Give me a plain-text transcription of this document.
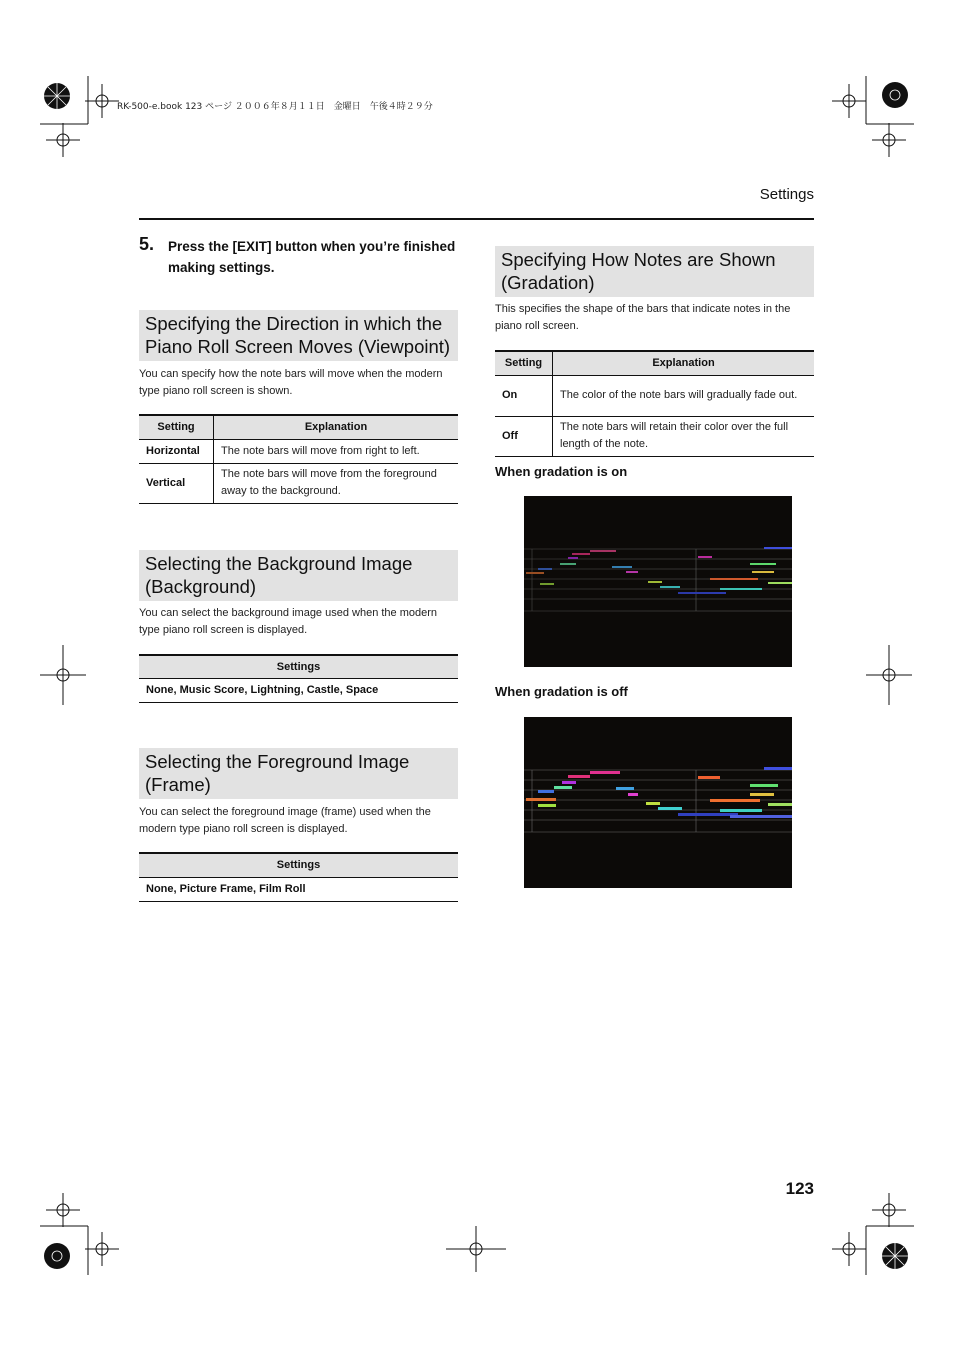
RK-500-e.book 123 ページ ２００６年８月１１日　金曜日　午後４時２９分
Settings
5. Press the [EXIT] button when you’re finished making settings.
Specifying the Direction in which the Piano Roll Screen Moves (Viewpoint)
You can specify how the note bars will move when the modern type piano roll screen is shown.
Setting	Explanation
Horizontal	The note bars will move from right to left.
Vertical	The note bars will move from the foreground away to the background.
Selecting the Background Image (Background)
You can select the background image used when the modern type piano roll screen is displayed.
Settings
None, Music Score, Lightning, Castle, Space
Selecting the Foreground Image (Frame)
You can select the foreground image (frame) used when the modern type piano roll screen is displayed.
Settings
None, Picture Frame, Film Roll
Specifying How Notes are Shown (Gradation)
This specifies the shape of the bars that indicate notes in the piano roll screen.
Setting	Explanation
On	The color of the note bars will gradually fade out.
Off	The note bars will retain their color over the full length of the note.
When gradation is on
When gradation is off
123
